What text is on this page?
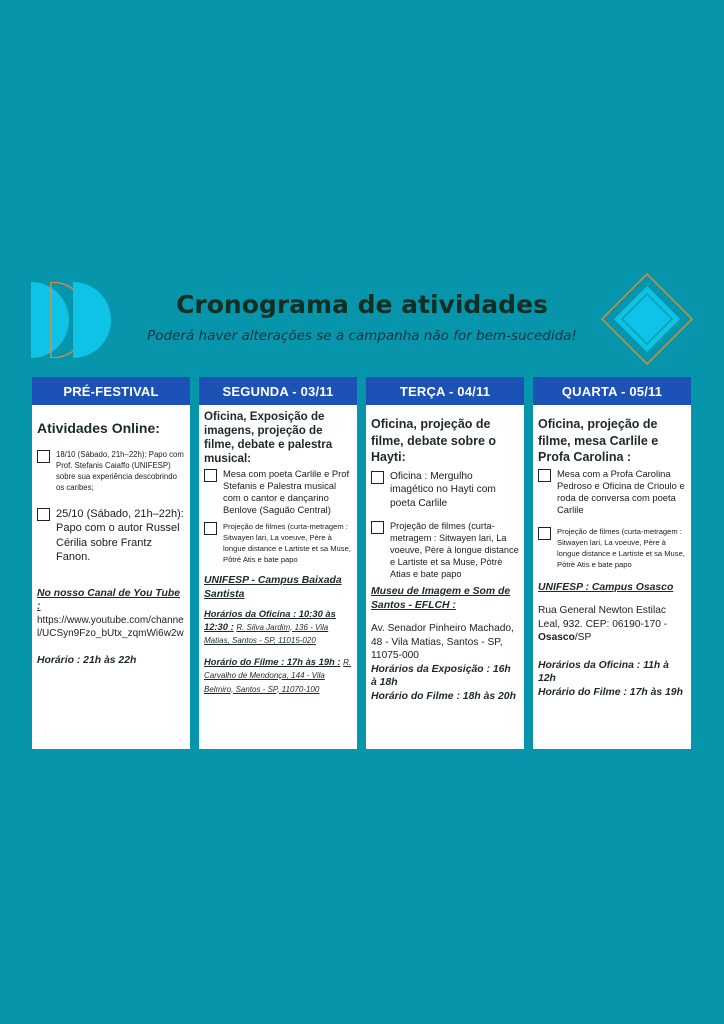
Cronograma de atividades
Poderá haver alterações se a campanha não for bem-sucedida!
PRÉ-FESTIVAL
Atividades Online:
18/10 (Sábado, 21h–22h): Papo com Prof. Stefanis Caiaffo (UNIFESP) sobre sua experiência descobrindo os caribes;
25/10 (Sábado, 21h–22h): Papo com o autor Russel Cérilia sobre Frantz Fanon.
No nosso Canal de You Tube :
https://www.youtube.com/channel/UCSyn9Fzo_bUtx_zqmWi6w2w
Horário : 21h às 22h
SEGUNDA - 03/11
Oficina, Exposição de imagens, projeção de filme, debate e palestra musical:
Mesa com poeta Carlile e Prof Stefanis e Palestra musical com o cantor e dançarino Benlove (Saguão Central)
Projeção de filmes (curta-metragem : Sitwayen lari, La voeuve, Père à longue distance e Lartiste et sa Muse, Pôtré Atis e bate papo
UNIFESP - Campus Baixada Santista
Horários da Oficina : 10:30 às 12:30 : R. Silva Jardim, 136 - Vila Matias, Santos - SP, 11015-020
Horário do Filme : 17h às 19h : R. Carvalho de Mendonça, 144 - Vila Belmiro, Santos - SP, 11070-100
TERÇA - 04/11
Oficina, projeção de filme, debate sobre o Hayti:
Oficina : Mergulho imagético no Hayti com poeta Carlile
Projeção de filmes (curta-metragem : Sitwayen lari, La voeuve, Père à longue distance e Lartiste et sa Muse, Pòtrè Atias e bate papo
Museu de Imagem e Som de Santos - EFLCH :
Av. Senador Pinheiro Machado, 48 - Vila Matias, Santos - SP, 11075-000
Horários da Exposição : 16h à 18h
Horário do Filme : 18h às 20h
QUARTA - 05/11
Oficina, projeção de filme, mesa Carlile e Profa Carolina :
Mesa com a Profa Carolina Pedroso e Oficina de Crioulo e roda de conversa com poeta Carlile
Projeção de filmes (curta-metragem : Sitwayen lari, La voeuve, Père à longue distance e Lartiste et sa Muse, Pòtrè Atis e bate papo
UNIFESP : Campus Osasco
Rua General Newton Estilac Leal, 932. CEP: 06190-170 - Osasco/SP
Horários da Oficina : 11h à 12h
Horário do Filme : 17h às 19h
